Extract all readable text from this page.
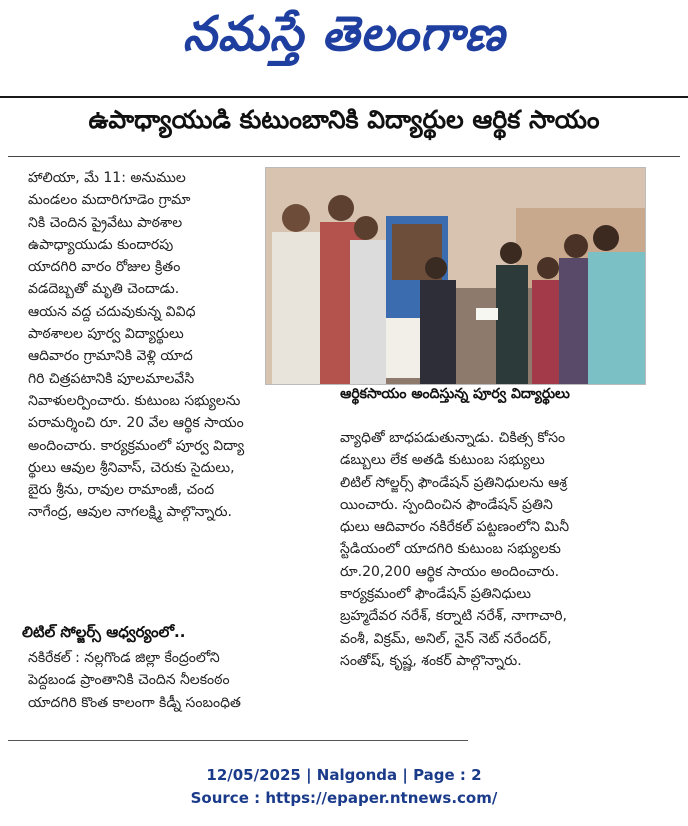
నమస్తే తెలంగాణ
ఉపాధ్యాయుడి కుటుంబానికి విద్యార్థుల ఆర్థిక సాయం
ఆర్థికసాయం అందిస్తున్న పూర్వ విద్యార్థులు

హాలియా, మే 11: అనుముల

మండలం మదారిగూడెం గ్రామా

నికి చెందిన ప్రైవేటు పాఠశాల

ఉపాధ్యాయుడు కుందారపు

యాదగిరి వారం రోజుల క్రితం

వడదెబ్బతో మృతి చెందాడు.

ఆయన వద్ద చదువుకున్న వివిధ

పాఠశాలల పూర్వ విద్యార్థులు

ఆదివారం గ్రామానికి వెళ్లి యాద

గిరి చిత్రపటానికి పూలమాలవేసి

నివాళులర్పించారు. కుటుంబ సభ్యులను

పరామర్శించి రూ. 20 వేల ఆర్థిక సాయం

అందించారు. కార్యక్రమంలో పూర్వ విద్యా

ర్థులు ఆవుల శ్రీనివాస్, చెరుకు సైదులు,

బైరు శ్రీను, రావుల రామాంజీ, చంద

నాగేంద్ర, ఆవుల నాగలక్ష్మి పాల్గొన్నారు.

లిటిల్ సోల్జర్స్ ఆధ్వర్యంలో..

నకిరేకల్ : నల్లగొండ జిల్లా కేంద్రంలోని

పెద్దబండ ప్రాంతానికి చెందిన నీలకంఠం

యాదగిరి కొంత కాలంగా కిడ్నీ సంబంధిత

వ్యాధితో బాధపడుతున్నాడు. చికిత్స కోసం

డబ్బులు లేక అతడి కుటుంబ సభ్యులు

లిటిల్ సోల్జర్స్ ఫౌండేషన్ ప్రతినిధులను ఆశ్ర

యించారు. స్పందించిన ఫౌండేషన్ ప్రతిని

ధులు ఆదివారం నకిరేకల్ పట్టణంలోని మినీ

స్టేడియంలో యాదగిరి కుటుంబ సభ్యులకు

రూ.20,200 ఆర్థిక సాయం అందించారు.

కార్యక్రమంలో ఫౌండేషన్ ప్రతినిధులు

బ్రహ్మదేవర నరేశ్, కర్నాటి నరేశ్, నాగాచారి,

వంశీ, విక్రమ్, అనిల్, నైన్ నెట్ నరేందర్,

సంతోష్, కృష్ణ, శంకర్ పాల్గొన్నారు.

12/05/2025 | Nalgonda | Page : 2
Source : https://epaper.ntnews.com/
